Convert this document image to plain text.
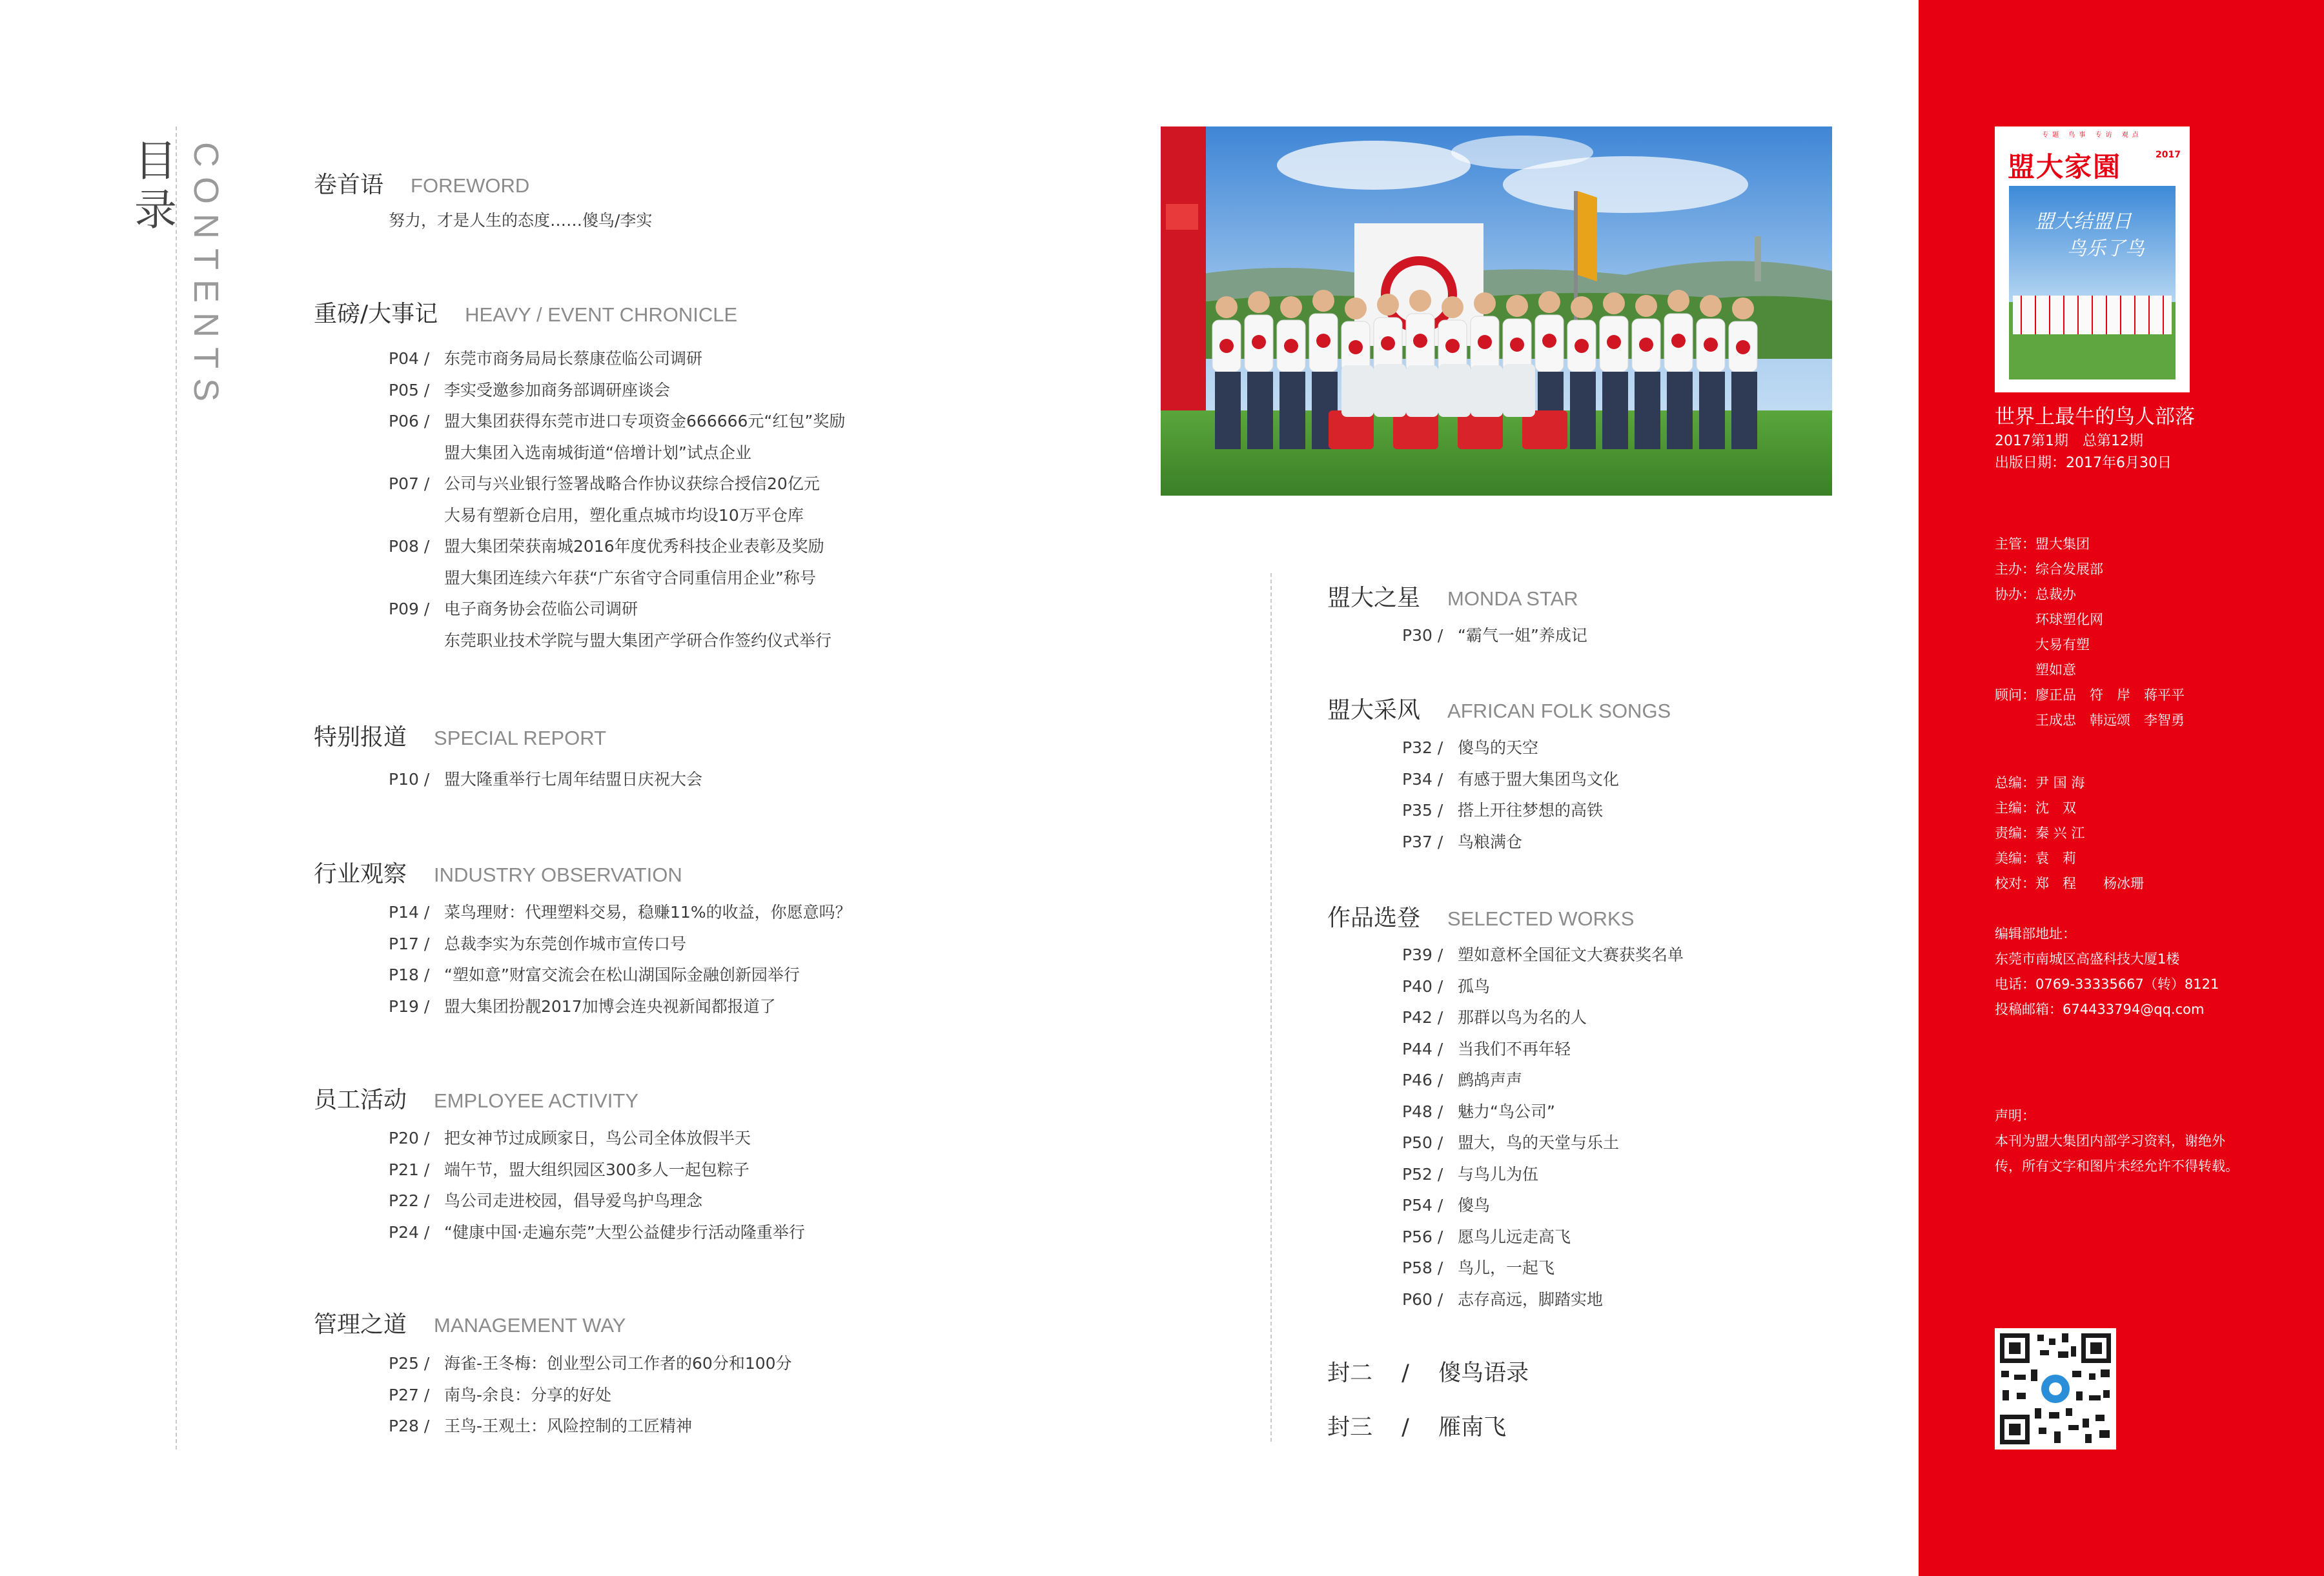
目录 CONTENTS	卷首语 FOREWORD
努力，才是人生的态度……傻鸟/李实
重磅/大事记 HEAVY / EVENT CHRONICLE
P04 /东莞市商务局局长蔡康莅临公司调研
P05 /李实受邀参加商务部调研座谈会
P06 /盟大集团获得东莞市进口专项资金666666元“红包”奖励
盟大集团入选南城街道“倍增计划”试点企业
P07 /公司与兴业银行签署战略合作协议获综合授信20亿元
大易有塑新仓启用，塑化重点城市均设10万平仓库
P08 /盟大集团荣获南城2016年度优秀科技企业表彰及奖励
盟大集团连续六年获“广东省守合同重信用企业”称号
P09 /电子商务协会莅临公司调研
东莞职业技术学院与盟大集团产学研合作签约仪式举行
特别报道 SPECIAL REPORT
P10 /盟大隆重举行七周年结盟日庆祝大会
行业观察 INDUSTRY OBSERVATION
P14 /菜鸟理财：代理塑料交易，稳赚11%的收益，你愿意吗？
P17 /总裁李实为东莞创作城市宣传口号
P18 /“塑如意”财富交流会在松山湖国际金融创新园举行
P19 /盟大集团扮靓2017加博会连央视新闻都报道了
员工活动 EMPLOYEE ACTIVITY
P20 /把女神节过成顾家日，鸟公司全体放假半天
P21 /端午节，盟大组织园区300多人一起包粽子
P22 /鸟公司走进校园，倡导爱鸟护鸟理念
P24 /“健康中国·走遍东莞”大型公益健步行活动隆重举行
管理之道 MANAGEMENT WAY
P25 /海雀-王冬梅：创业型公司工作者的60分和100分
P27 /南鸟-余良：分享的好处
P28 /王鸟-王观土：风险控制的工匠精神
盟大之星 MONDA STAR
P30 /“霸气一姐”养成记
盟大采风 AFRICAN FOLK SONGS
P32 /傻鸟的天空
P34 /有感于盟大集团鸟文化
P35 /搭上开往梦想的高铁
P37 /鸟粮满仓
作品选登 SELECTED WORKS
P39 /塑如意杯全国征文大赛获奖名单
P40 /孤鸟
P42 /那群以鸟为名的人
P44 /当我们不再年轻
P46 /鹧鸪声声
P48 /魅力“鸟公司”
P50 /盟大，鸟的天堂与乐土
P52 /与鸟儿为伍
P54 /傻鸟
P56 /愿鸟儿远走高飞
P58 /鸟儿，一起飞
P60 /志存高远，脚踏实地
封二 / 傻鸟语录
封三 / 雁南飞
专题 鸟事 专访 观点
盟大家園	2017
盟大结盟日
鸟乐了鸟
世界上最牛的鸟人部落
2017第1期　总第12期
出版日期：2017年6月30日
主管：盟大集团
主办：综合发展部
协办：总裁办
　　　环球塑化网
　　　大易有塑
　　　塑如意
顾问：廖正品　符　岸　蒋平平
　　　王成忠　韩远颂　李智勇
总编：尹 国 海
主编：沈　双
责编：秦 兴 江
美编：袁　莉
校对：郑　程　　杨冰珊
编辑部地址：
东莞市南城区高盛科技大厦1楼
电话：0769-33335667（转）8121
投稿邮箱：674433794@qq.com
声明：
本刊为盟大集团内部学习资料，谢绝外
传，所有文字和图片未经允许不得转载。
